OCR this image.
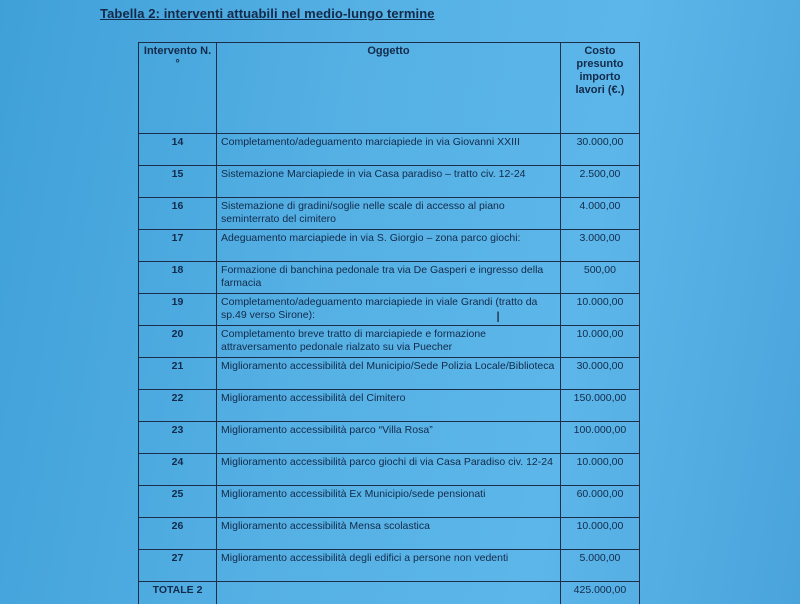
Tabella 2: interventi attuabili nel medio-lungo termine
Intervento N.°	Oggetto	Costo presunto importo lavori (€.)
14	Completamento/adeguamento marciapiede in via Giovanni XXIII	30.000,00
15	Sistemazione Marciapiede in via Casa paradiso – tratto civ. 12-24	2.500,00
16	Sistemazione di gradini/soglie nelle scale di accesso al piano seminterrato del cimitero	4.000,00
17	Adeguamento marciapiede in via S. Giorgio – zona parco giochi:	3.000,00
18	Formazione di banchina pedonale tra via De Gasperi e ingresso della farmacia	500,00
19	Completamento/adeguamento marciapiede in viale Grandi (tratto da sp.49 verso Sirone):	10.000,00
20	Completamento breve tratto di marciapiede e formazione attraversamento pedonale rialzato su via Puecher	10.000,00
21	Miglioramento accessibilità del Municipio/Sede Polizia Locale/Biblioteca	30.000,00
22	Miglioramento accessibilità del Cimitero	150.000,00
23	Miglioramento accessibilità parco “Villa Rosa”	100.000,00
24	Miglioramento accessibilità parco giochi di via Casa Paradiso civ. 12-24	10.000,00
25	Miglioramento accessibilità Ex Municipio/sede pensionati	60.000,00
26	Miglioramento accessibilità Mensa scolastica	10.000,00
27	Miglioramento accessibilità degli edifici a persone non vedenti	5.000,00
TOTALE 2		425.000,00
I
